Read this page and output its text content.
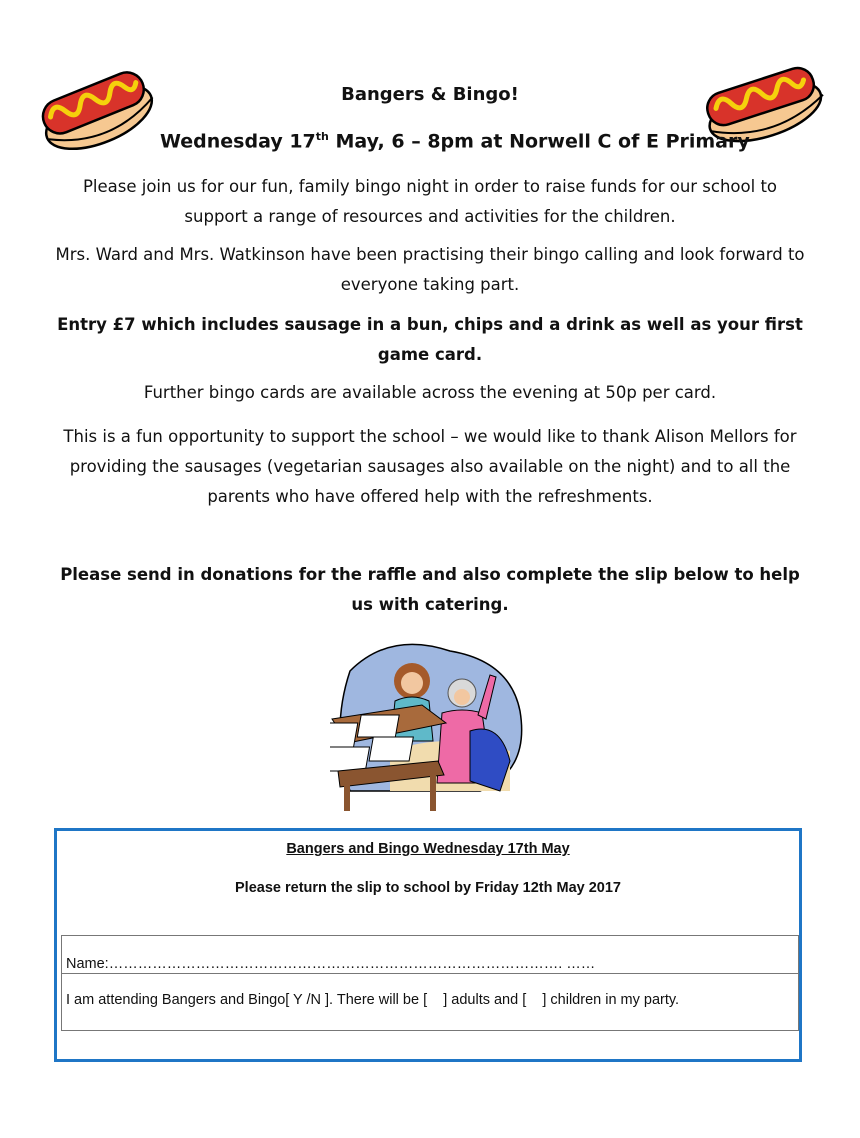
Bangers & Bingo!
Wednesday 17th May, 6 – 8pm at Norwell C of E Primary
Please join us for our fun, family bingo night in order to raise funds for our school to support a range of resources and activities for the children.
Mrs. Ward and Mrs. Watkinson have been practising their bingo calling and look forward to everyone taking part.
Entry £7 which includes sausage in a bun, chips and a drink as well as your first game card.
Further bingo cards are available across the evening at 50p per card.
This is a fun opportunity to support the school – we would like to thank Alison Mellors for providing the sausages (vegetarian sausages also available on the night) and to all the parents who have offered help with the refreshments.
Please send in donations for the raffle and also complete the slip below to help us with catering.
Bangers and Bingo Wednesday 17th May
Please return the slip to school by Friday 12th May 2017
Name:…………………………………………………………………………………. ……
I am attending Bangers and Bingo[ Y /N ]. There will be [    ] adults and [    ] children in my party.
